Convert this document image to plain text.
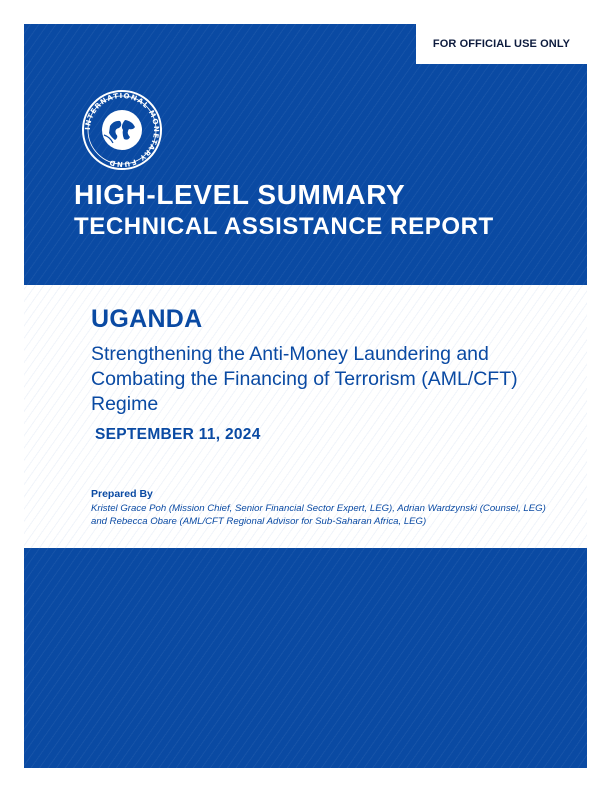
FOR OFFICIAL USE ONLY
INTERNATIONAL MONETARY FUND
HIGH-LEVEL SUMMARY
TECHNICAL ASSISTANCE REPORT
UGANDA
Strengthening the Anti-Money Laundering and Combating the Financing of Terrorism (AML/CFT) Regime
SEPTEMBER 11, 2024
Prepared By
Kristel Grace Poh (Mission Chief, Senior Financial Sector Expert, LEG), Adrian Wardzynski (Counsel, LEG) and Rebecca Obare (AML/CFT Regional Advisor for Sub-Saharan Africa, LEG)
